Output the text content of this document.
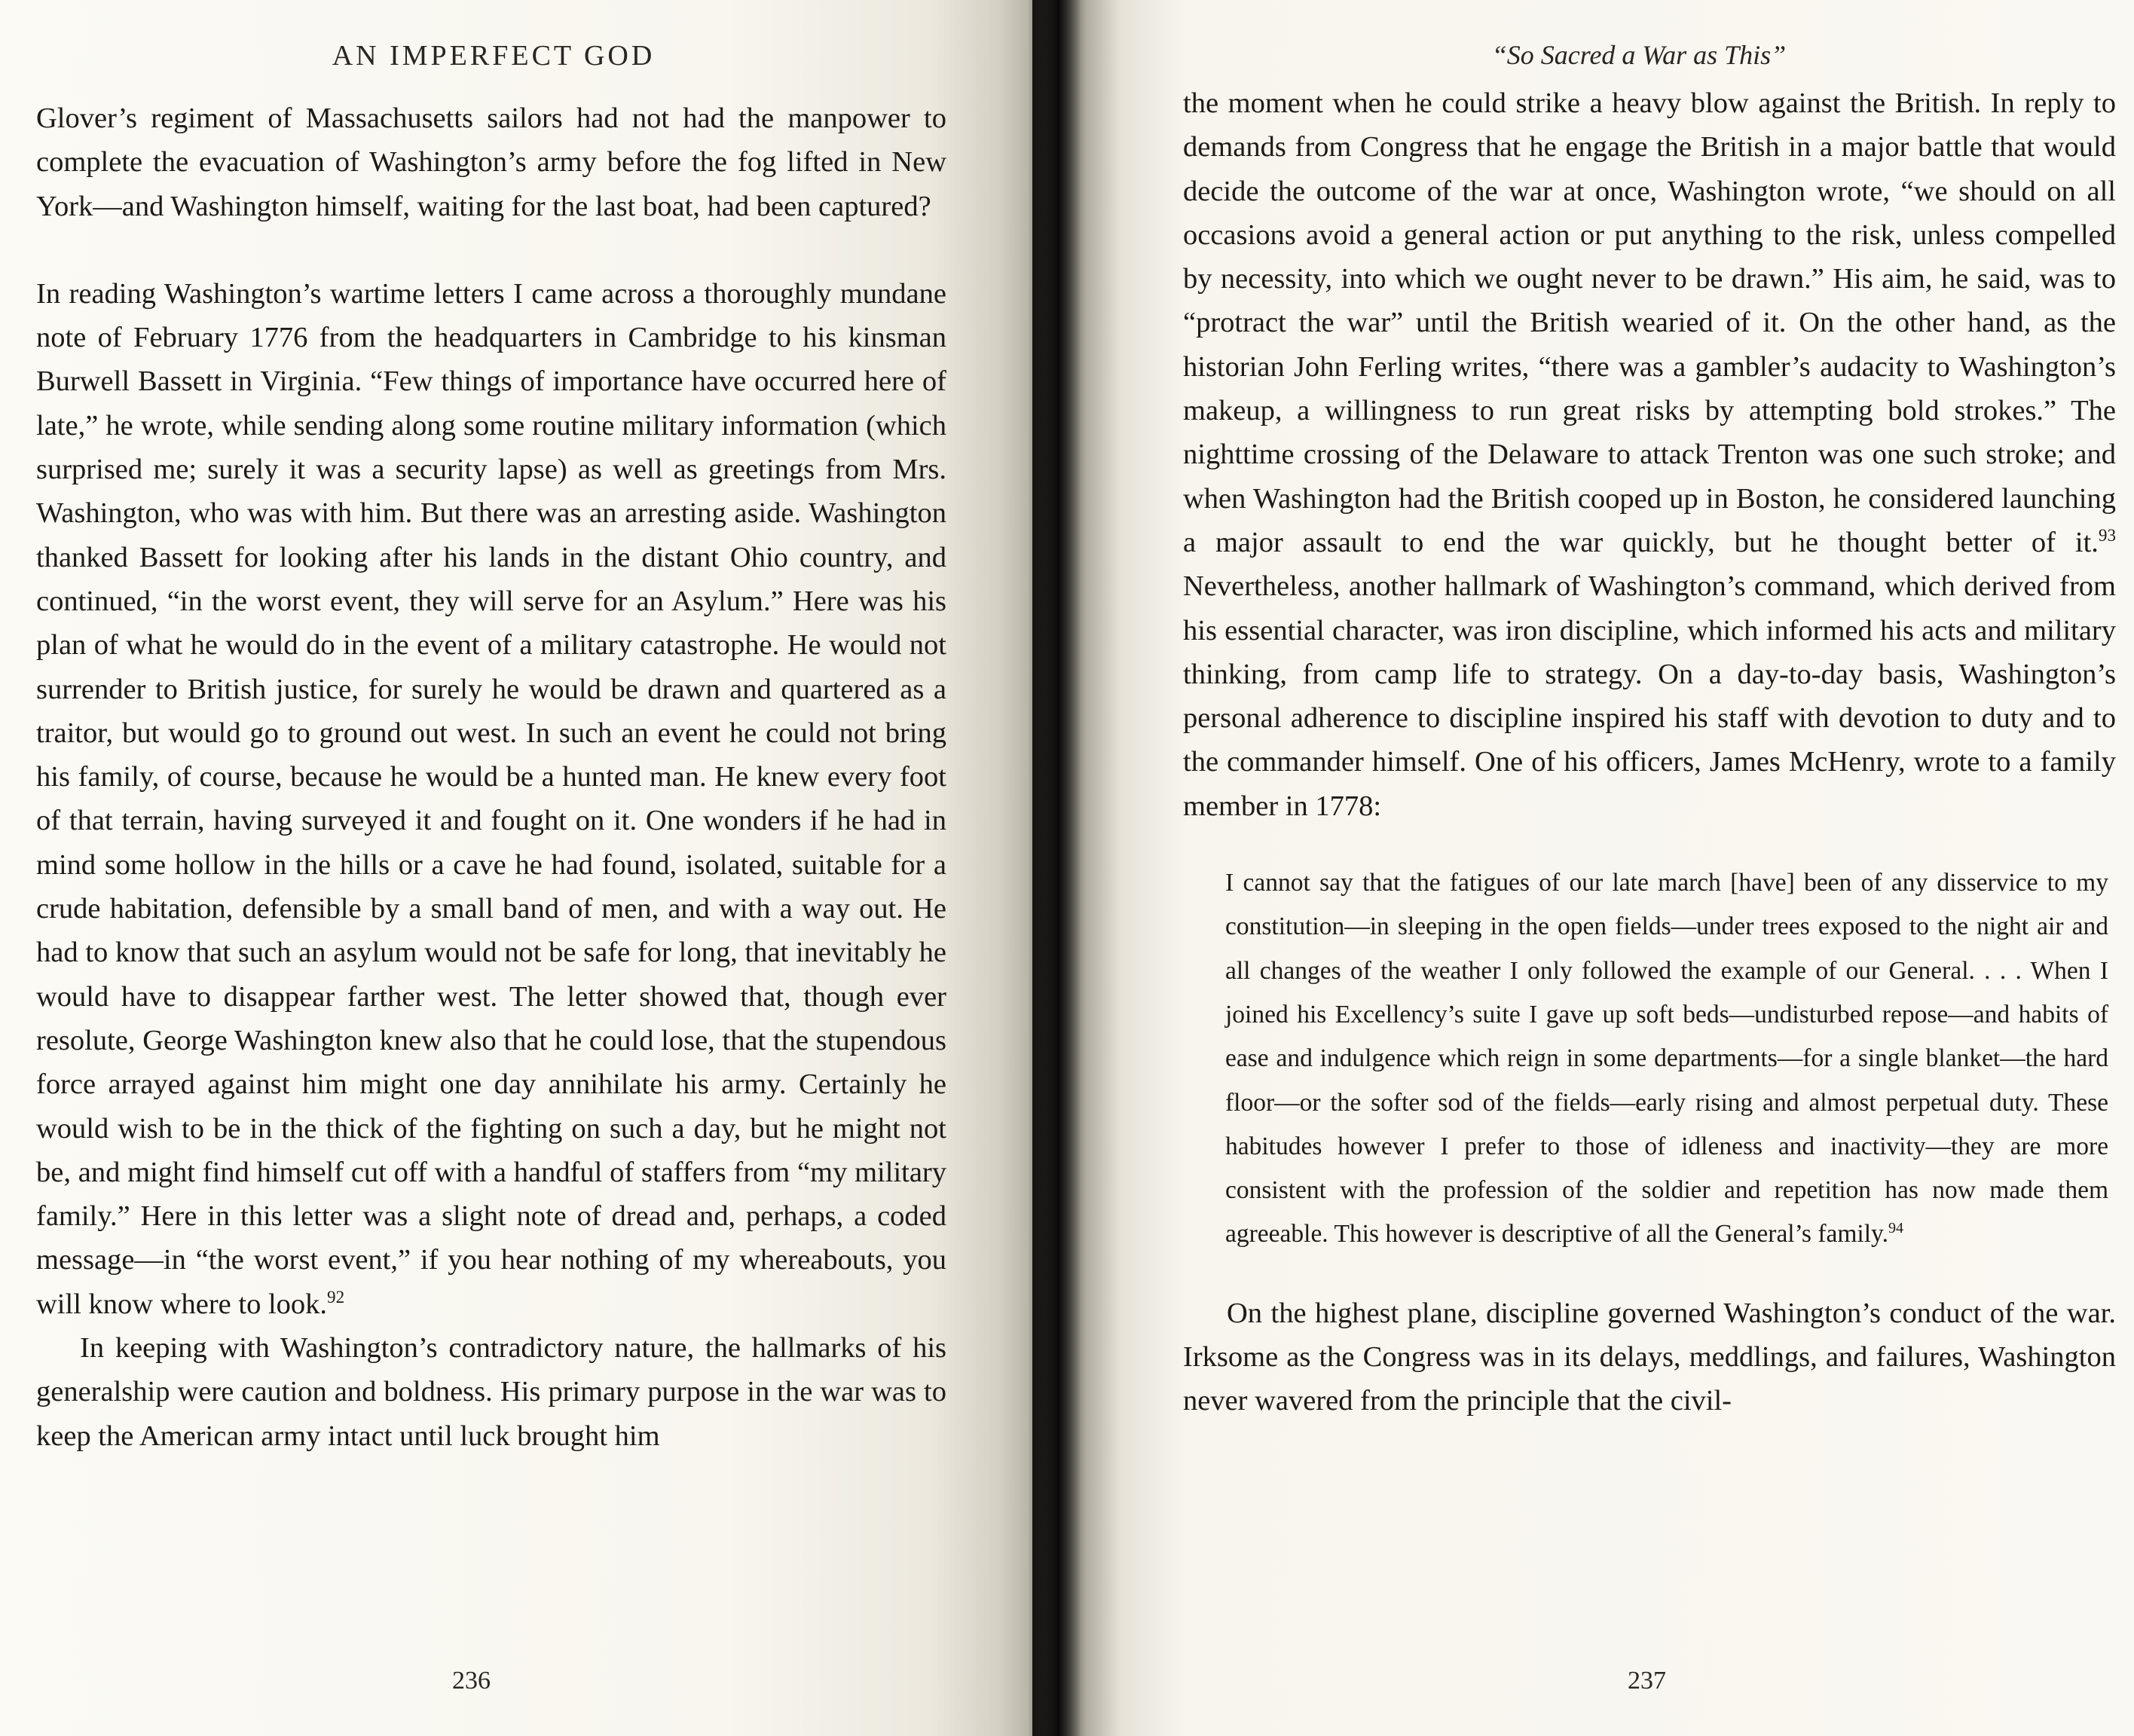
AN IMPERFECT GOD

Glover’s regiment of Massachusetts sailors had not had the manpower to complete the evacuation of Washington’s army before the fog lifted in New York—and Washington himself, waiting for the last boat, had been captured?

In reading Washington’s wartime letters I came across a thoroughly mundane note of February 1776 from the headquarters in Cambridge to his kinsman Burwell Bassett in Virginia. “Few things of importance have occurred here of late,” he wrote, while sending along some routine military information (which surprised me; surely it was a security lapse) as well as greetings from Mrs. Washington, who was with him. But there was an arresting aside. Washington thanked Bassett for looking after his lands in the distant Ohio country, and continued, “in the worst event, they will serve for an Asylum.” Here was his plan of what he would do in the event of a military catastrophe. He would not surrender to British justice, for surely he would be drawn and quartered as a traitor, but would go to ground out west. In such an event he could not bring his family, of course, because he would be a hunted man. He knew every foot of that terrain, having surveyed it and fought on it. One wonders if he had in mind some hollow in the hills or a cave he had found, isolated, suitable for a crude habitation, defensible by a small band of men, and with a way out. He had to know that such an asylum would not be safe for long, that inevitably he would have to disappear farther west. The letter showed that, though ever resolute, George Washington knew also that he could lose, that the stupendous force arrayed against him might one day annihilate his army. Certainly he would wish to be in the thick of the fighting on such a day, but he might not be, and might find himself cut off with a handful of staffers from “my military family.” Here in this letter was a slight note of dread and, perhaps, a coded message—in “the worst event,” if you hear nothing of my whereabouts, you will know where to look.$^{92}$

In keeping with Washington’s contradictory nature, the hallmarks of his generalship were caution and boldness. His primary purpose in the war was to keep the American army intact until luck brought him

236
“So Sacred a War as This”

the moment when he could strike a heavy blow against the British. In reply to demands from Congress that he engage the British in a major battle that would decide the outcome of the war at once, Washington wrote, “we should on all occasions avoid a general action or put anything to the risk, unless compelled by necessity, into which we ought never to be drawn.” His aim, he said, was to “protract the war” until the British wearied of it. On the other hand, as the historian John Ferling writes, “there was a gambler’s audacity to Washington’s makeup, a willingness to run great risks by attempting bold strokes.” The nighttime crossing of the Delaware to attack Trenton was one such stroke; and when Washington had the British cooped up in Boston, he considered launching a major assault to end the war quickly, but he thought better of it.$^{93}$ Nevertheless, another hallmark of Washington’s command, which derived from his essential character, was iron discipline, which informed his acts and military thinking, from camp life to strategy. On a day-to-day basis, Washington’s personal adherence to discipline inspired his staff with devotion to duty and to the commander himself. One of his officers, James McHenry, wrote to a family member in 1778:

I cannot say that the fatigues of our late march [have] been of any disservice to my constitution—in sleeping in the open fields—under trees exposed to the night air and all changes of the weather I only followed the example of our General. . . . When I joined his Excellency’s suite I gave up soft beds—undisturbed repose—and habits of ease and indulgence which reign in some departments—for a single blanket—the hard floor—or the softer sod of the fields—early rising and almost perpetual duty. These habitudes however I prefer to those of idleness and inactivity—they are more consistent with the profession of the soldier and repetition has now made them agreeable. This however is descriptive of all the General’s family.$^{94}$

On the highest plane, discipline governed Washington’s conduct of the war. Irksome as the Congress was in its delays, meddlings, and failures, Washington never wavered from the principle that the civil-

237
